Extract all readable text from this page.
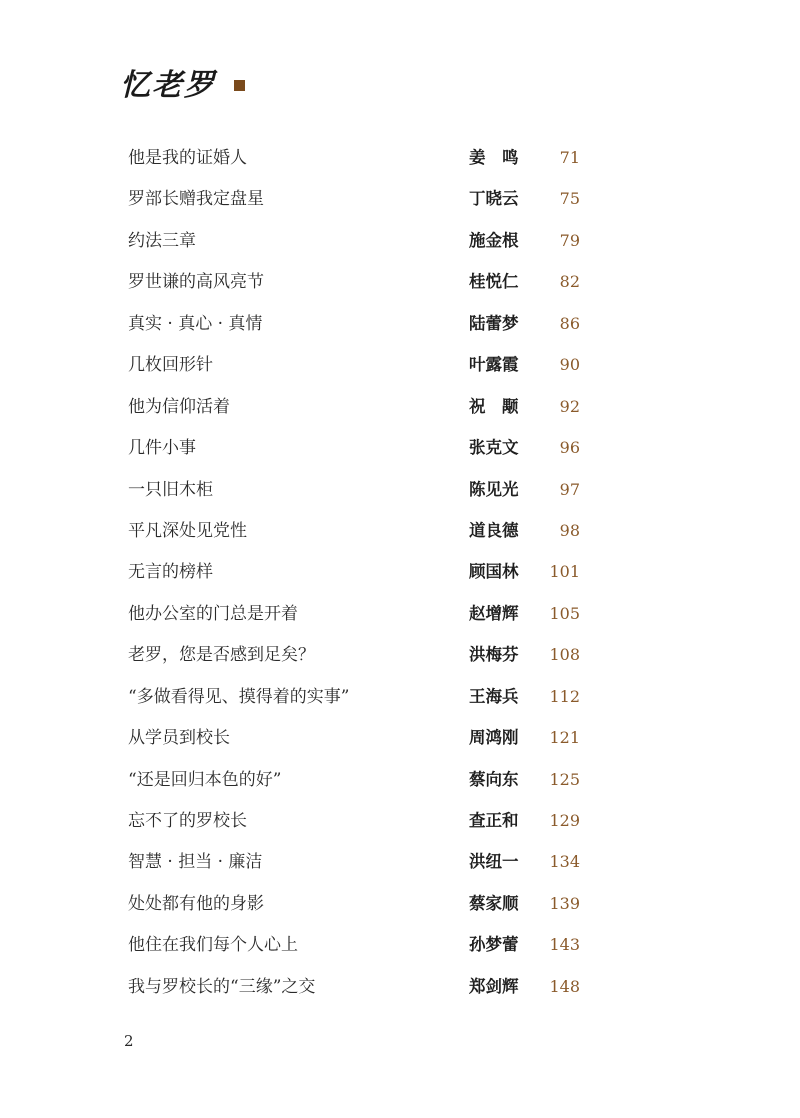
忆老罗
他是我的证婚人	姜　鸣	71
罗部长赠我定盘星	丁晓云	75
约法三章	施金根	79
罗世谦的高风亮节	桂悦仁	82
真实 · 真心 · 真情	陆蕾梦	86
几枚回形针	叶露霞	90
他为信仰活着	祝　颙	92
几件小事	张克文	96
一只旧木柜	陈见光	97
平凡深处见党性	道良德	98
无言的榜样	顾国林 101
他办公室的门总是开着	赵增辉 105
老罗，您是否感到足矣？	洪梅芬 108
“多做看得见、摸得着的实事”	王海兵 112
从学员到校长	周鸿刚 121
“还是回归本色的好”	蔡向东 125
忘不了的罗校长	查正和 129
智慧 · 担当 · 廉洁	洪纽一 134
处处都有他的身影	蔡家顺 139
他住在我们每个人心上	孙梦蕾 143
我与罗校长的“三缘”之交	郑剑辉 148
2
